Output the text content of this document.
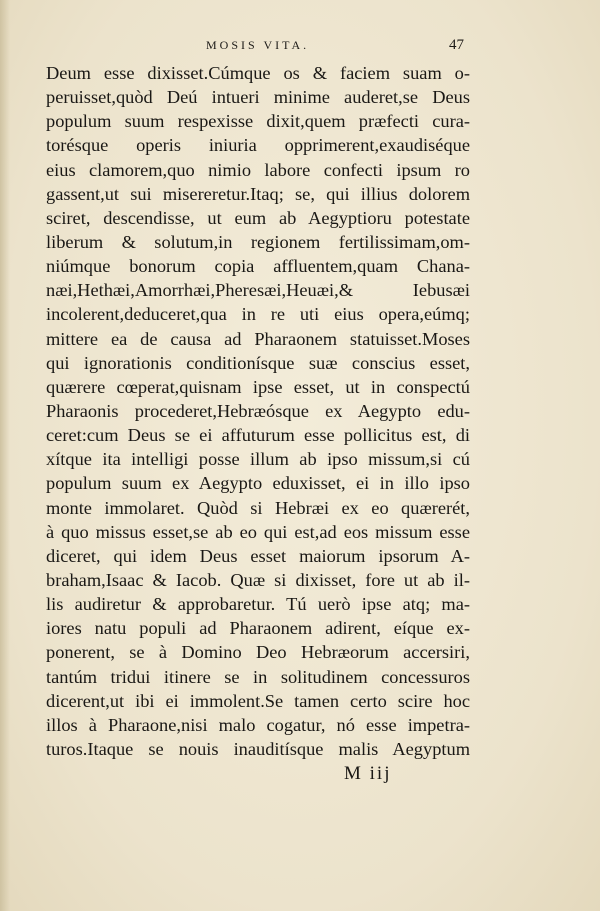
MOSIS VITA.	47
Deum esse dixisset.Cúmque os & faciem suam o-
peruisset,quòd Deú intueri minime auderet,se Deus
populum suum respexisse dixit,quem præfecti cura-
torésque operis iniuria opprimerent,exaudiséque
eius clamorem,quo nimio labore confecti ipsum ro
gassent,ut sui misereretur.Itaq; se, qui illius dolorem
sciret, descendisse, ut eum ab Aegyptioru potestate
liberum & solutum,in regionem fertilissimam,om-
niúmque bonorum copia affluentem,quam Chana-
næi,Hethæi,Amorrhæi,Pheresæi,Heuæi,& Iebusæi
incolerent,deduceret,qua in re uti eius opera,eúmq;
mittere ea de causa ad Pharaonem statuisset.Moses
qui ignorationis conditionísque suæ conscius esset,
quærere cœperat,quisnam ipse esset, ut in conspectú
Pharaonis procederet,Hebræósque ex Aegypto edu-
ceret:cum Deus se ei affuturum esse pollicitus est, di
xítque ita intelligi posse illum ab ipso missum,si cú
populum suum ex Aegypto eduxisset, ei in illo ipso
monte immolaret. Quòd si Hebræi ex eo quærerét,
à quo missus esset,se ab eo qui est,ad eos missum esse
diceret, qui idem Deus esset maiorum ipsorum A-
braham,Isaac & Iacob. Quæ si dixisset, fore ut ab il-
lis audiretur & approbaretur. Tú uerò ipse atq; ma-
iores natu populi ad Pharaonem adirent, eíque ex-
ponerent, se à Domino Deo Hebræorum accersiri,
tantúm tridui itinere se in solitudinem concessuros
dicerent,ut ibi ei immolent.Se tamen certo scire hoc
illos à Pharaone,nisi malo cogatur, nó esse impetra-
turos.Itaque se nouis inauditísque malis Aegyptum
M iij
